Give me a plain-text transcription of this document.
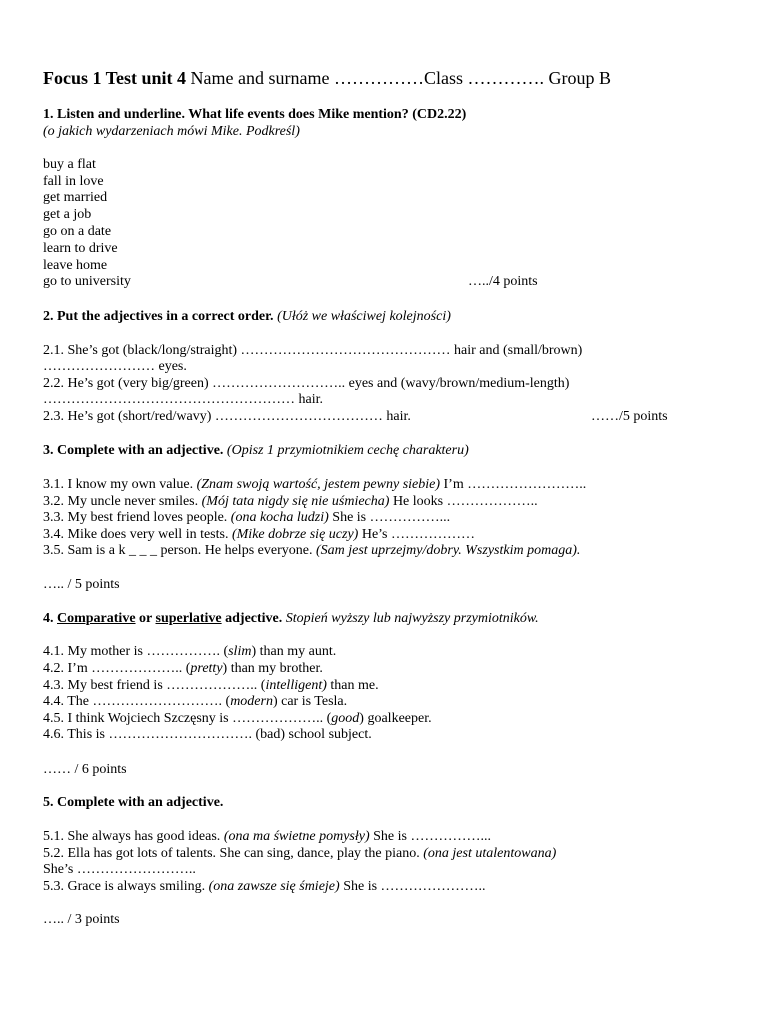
Focus 1 Test unit 4 Name and surname ……………Class …………. Group B
1. Listen and underline. What life events does Mike mention? (CD2.22)
(o jakich wydarzeniach mówi Mike. Podkreśl)
buy a flat
fall in love
get married
get a job
go on a date
learn to drive
leave home
go to university	…../4 points
2. Put the adjectives in a correct order. (Ułóż we właściwej kolejności)
2.1. She’s got (black/long/straight) ……………………………………… hair and (small/brown)
…………………… eyes.
2.2. He’s got (very big/green) ……………………….. eyes and (wavy/brown/medium-length)
……………………………………………… hair.
2.3. He’s got (short/red/wavy) ……………………………… hair.	……/5 points
3. Complete with an adjective. (Opisz 1 przymiotnikiem cechę charakteru)
3.1. I know my own value. (Znam swoją wartość, jestem pewny siebie) I’m ……………………..
3.2. My uncle never smiles. (Mój tata nigdy się nie uśmiecha) He looks ………………..
3.3. My best friend loves people. (ona kocha ludzi) She is ……………...
3.4. Mike does very well in tests. (Mike dobrze się uczy) He’s ………………
3.5. Sam is a k _ _ _ person. He helps everyone. (Sam jest uprzejmy/dobry. Wszystkim pomaga).
….. / 5 points
4. Comparative or superlative adjective. Stopień wyższy lub najwyższy przymiotników.
4.1. My mother is ……………. (slim) than my aunt.
4.2. I’m ……………….. (pretty) than my brother.
4.3. My best friend is ……………….. (intelligent) than me.
4.4. The ………………………. (modern) car is Tesla.
4.5. I think Wojciech Szczęsny is ……………….. (good) goalkeeper.
4.6. This is …………………………. (bad) school subject.
…… / 6 points
5. Complete with an adjective.
5.1. She always has good ideas. (ona ma świetne pomysły) She is ……………...
5.2. Ella has got lots of talents. She can sing, dance, play the piano. (ona jest utalentowana)
She’s ……………………..
5.3. Grace is always smiling. (ona zawsze się śmieje) She is …………………..
….. / 3 points
